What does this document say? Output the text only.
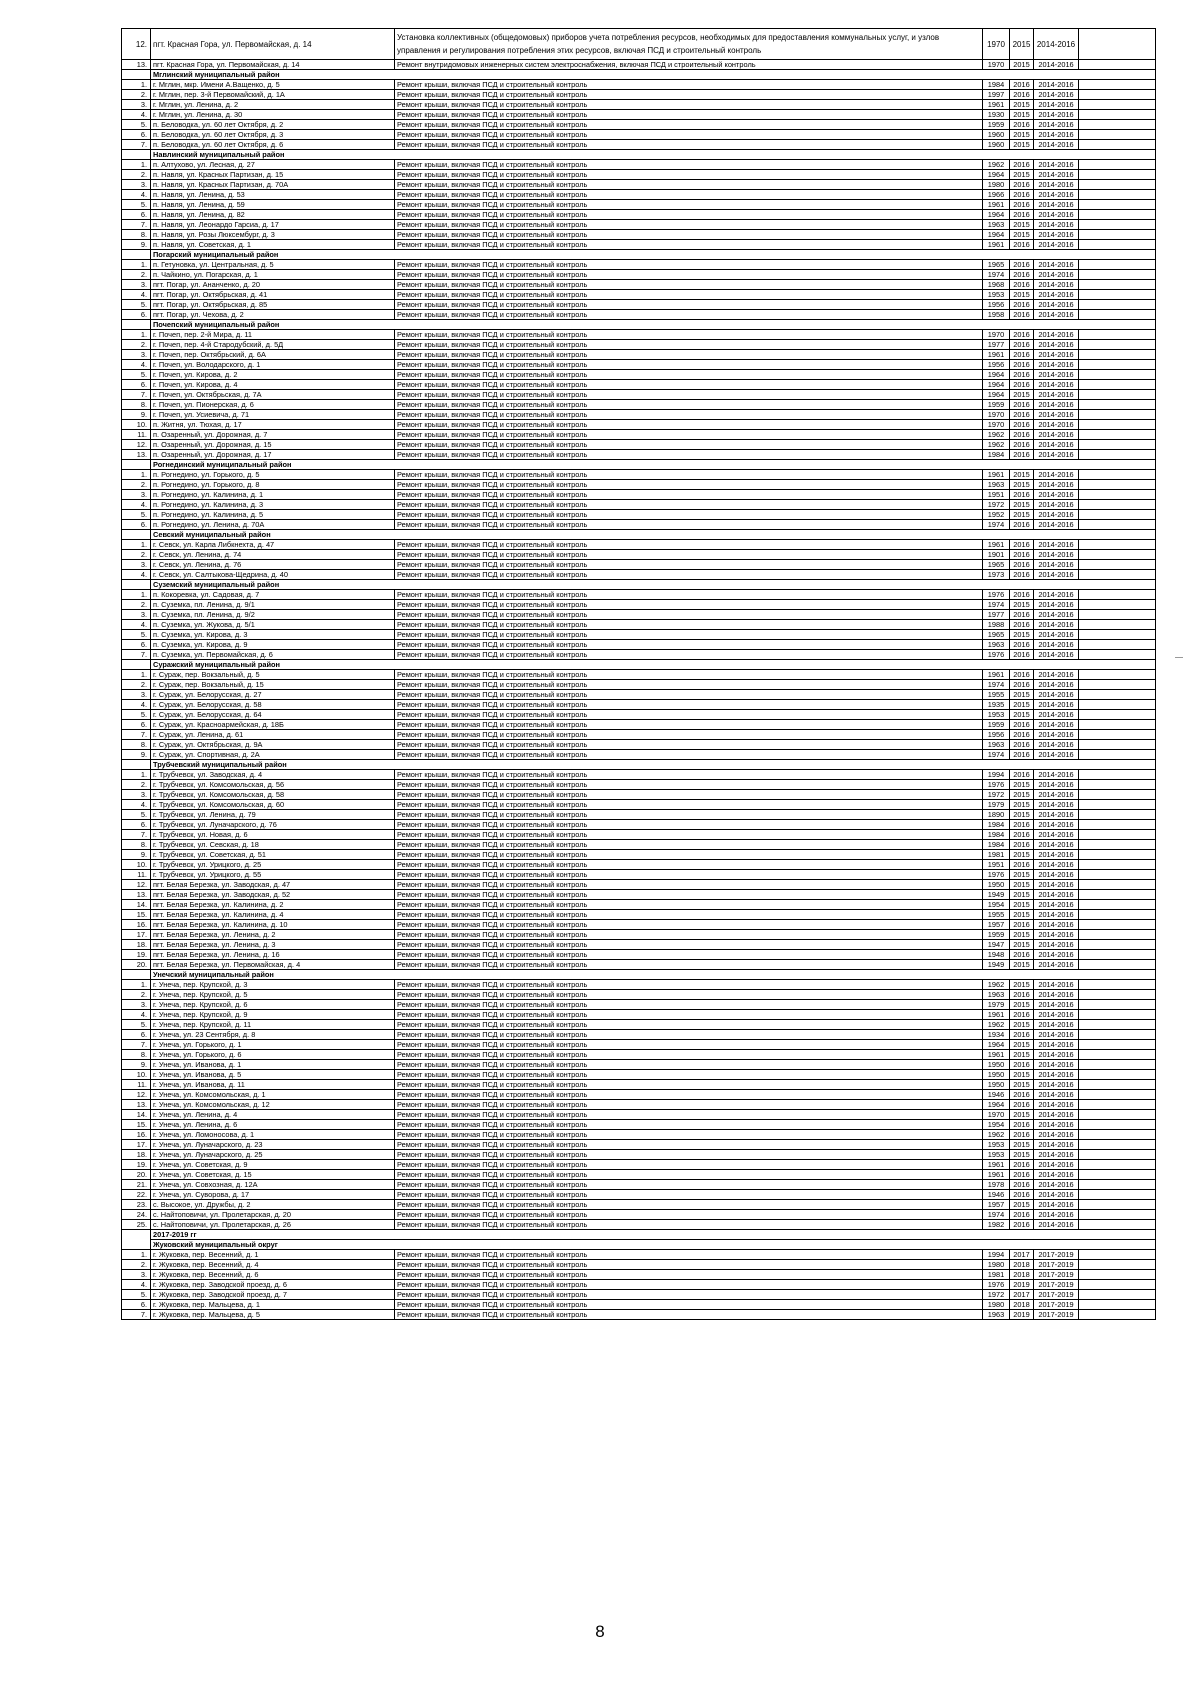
12.	пгт. Красная Гора, ул. Первомайская, д. 14	Установка коллективных (общедомовых) приборов учета потребления ресурсов, необходимых для предоставления коммунальных услуг, и узлов управления и регулирования потребления этих ресурсов, включая ПСД и строительный контроль	1970	2015	2014-2016	
13.	пгт. Красная Гора, ул. Первомайская, д. 14	Ремонт внутридомовых инженерных систем электроснабжения, включая ПСД и строительный контроль	1970	2015	2014-2016	
	Мглинский муниципальный район					
1.	г. Мглин, мкр. Имени А.Ващенко, д. 5	Ремонт крыши, включая ПСД и строительный контроль	1984	2016	2014-2016	
2.	г. Мглин, пер. 3-й Первомайский, д. 1А	Ремонт крыши, включая ПСД и строительный контроль	1997	2016	2014-2016	
3.	г. Мглин, ул. Ленина, д. 2	Ремонт крыши, включая ПСД и строительный контроль	1961	2015	2014-2016	
4.	г. Мглин, ул. Ленина, д. 30	Ремонт крыши, включая ПСД и строительный контроль	1930	2015	2014-2016	
5.	п. Беловодка, ул. 60 лет Октября, д. 2	Ремонт крыши, включая ПСД и строительный контроль	1959	2016	2014-2016	
6.	п. Беловодка, ул. 60 лет Октября, д. 3	Ремонт крыши, включая ПСД и строительный контроль	1960	2015	2014-2016	
7.	п. Беловодка, ул. 60 лет Октября, д. 6	Ремонт крыши, включая ПСД и строительный контроль	1960	2015	2014-2016	
	Навлинский муниципальный район					
1.	п. Алтухово, ул. Лесная, д. 27	Ремонт крыши, включая ПСД и строительный контроль	1962	2016	2014-2016	
2.	п. Навля, ул. Красных Партизан, д. 15	Ремонт крыши, включая ПСД и строительный контроль	1964	2015	2014-2016	
3.	п. Навля, ул. Красных Партизан, д. 70А	Ремонт крыши, включая ПСД и строительный контроль	1980	2016	2014-2016	
4.	п. Навля, ул. Ленина, д. 53	Ремонт крыши, включая ПСД и строительный контроль	1966	2016	2014-2016	
5.	п. Навля, ул. Ленина, д. 59	Ремонт крыши, включая ПСД и строительный контроль	1961	2016	2014-2016	
6.	п. Навля, ул. Ленина, д. 82	Ремонт крыши, включая ПСД и строительный контроль	1964	2016	2014-2016	
7.	п. Навля, ул. Леонардо Гарсиа, д. 17	Ремонт крыши, включая ПСД и строительный контроль	1963	2015	2014-2016	
8.	п. Навля, ул. Розы Люксембург, д. 3	Ремонт крыши, включая ПСД и строительный контроль	1964	2015	2014-2016	
9.	п. Навля, ул. Советская, д. 1	Ремонт крыши, включая ПСД и строительный контроль	1961	2016	2014-2016	
	Погарский муниципальный район					
1.	п. Гетуновка, ул. Центральная, д. 5	Ремонт крыши, включая ПСД и строительный контроль	1965	2016	2014-2016	
2.	п. Чайкино, ул. Погарская, д. 1	Ремонт крыши, включая ПСД и строительный контроль	1974	2016	2014-2016	
3.	пгт. Погар, ул. Ананченко, д. 20	Ремонт крыши, включая ПСД и строительный контроль	1968	2016	2014-2016	
4.	пгт. Погар, ул. Октябрьская, д. 41	Ремонт крыши, включая ПСД и строительный контроль	1953	2015	2014-2016	
5.	пгт. Погар, ул. Октябрьская, д. 85	Ремонт крыши, включая ПСД и строительный контроль	1956	2016	2014-2016	
6.	пгт. Погар, ул. Чехова, д. 2	Ремонт крыши, включая ПСД и строительный контроль	1958	2016	2014-2016	
	Почепский муниципальный район					
1.	г. Почеп, пер. 2-й Мира, д. 11	Ремонт крыши, включая ПСД и строительный контроль	1970	2016	2014-2016	
2.	г. Почеп, пер. 4-й Стародубский, д. 5Д	Ремонт крыши, включая ПСД и строительный контроль	1977	2016	2014-2016	
3.	г. Почеп, пер. Октябрьский, д. 6А	Ремонт крыши, включая ПСД и строительный контроль	1961	2016	2014-2016	
4.	г. Почеп, ул. Володарского, д. 1	Ремонт крыши, включая ПСД и строительный контроль	1956	2016	2014-2016	
5.	г. Почеп, ул. Кирова, д. 2	Ремонт крыши, включая ПСД и строительный контроль	1964	2016	2014-2016	
6.	г. Почеп, ул. Кирова, д. 4	Ремонт крыши, включая ПСД и строительный контроль	1964	2016	2014-2016	
7.	г. Почеп, ул. Октябрьская, д. 7А	Ремонт крыши, включая ПСД и строительный контроль	1964	2015	2014-2016	
8.	г. Почеп, ул. Пионерская, д. 6	Ремонт крыши, включая ПСД и строительный контроль	1959	2016	2014-2016	
9.	г. Почеп, ул. Усиевича, д. 71	Ремонт крыши, включая ПСД и строительный контроль	1970	2016	2014-2016	
10.	п. Житня, ул. Тюхая, д. 17	Ремонт крыши, включая ПСД и строительный контроль	1970	2016	2014-2016	
11.	п. Озаренный, ул. Дорожная, д. 7	Ремонт крыши, включая ПСД и строительный контроль	1962	2016	2014-2016	
12.	п. Озаренный, ул. Дорожная, д. 15	Ремонт крыши, включая ПСД и строительный контроль	1962	2016	2014-2016	
13.	п. Озаренный, ул. Дорожная, д. 17	Ремонт крыши, включая ПСД и строительный контроль	1984	2016	2014-2016	
	Рогнединский муниципальный район					
1.	п. Рогнедино, ул. Горького, д. 5	Ремонт крыши, включая ПСД и строительный контроль	1961	2015	2014-2016	
2.	п. Рогнедино, ул. Горького, д. 8	Ремонт крыши, включая ПСД и строительный контроль	1963	2015	2014-2016	
3.	п. Рогнедино, ул. Калинина, д. 1	Ремонт крыши, включая ПСД и строительный контроль	1951	2016	2014-2016	
4.	п. Рогнедино, ул. Калинина, д. 3	Ремонт крыши, включая ПСД и строительный контроль	1972	2015	2014-2016	
5.	п. Рогнедино, ул. Калинина, д. 5	Ремонт крыши, включая ПСД и строительный контроль	1952	2015	2014-2016	
6.	п. Рогнедино, ул. Ленина, д. 70А	Ремонт крыши, включая ПСД и строительный контроль	1974	2016	2014-2016	
	Севский муниципальный район					
1.	г. Севск, ул. Карла Либкнехта, д. 47	Ремонт крыши, включая ПСД и строительный контроль	1961	2016	2014-2016	
2.	г. Севск, ул. Ленина, д. 74	Ремонт крыши, включая ПСД и строительный контроль	1901	2016	2014-2016	
3.	г. Севск, ул. Ленина, д. 76	Ремонт крыши, включая ПСД и строительный контроль	1965	2016	2014-2016	
4.	г. Севск, ул. Салтыкова-Щедрина, д. 40	Ремонт крыши, включая ПСД и строительный контроль	1973	2016	2014-2016	
	Суземский муниципальный район					
1.	п. Кокоревка, ул. Садовая, д. 7	Ремонт крыши, включая ПСД и строительный контроль	1976	2016	2014-2016	
2.	п. Суземка, пл. Ленина, д. 9/1	Ремонт крыши, включая ПСД и строительный контроль	1974	2015	2014-2016	
3.	п. Суземка, пл. Ленина, д. 9/2	Ремонт крыши, включая ПСД и строительный контроль	1977	2016	2014-2016	
4.	п. Суземка, ул. Жукова, д. 5/1	Ремонт крыши, включая ПСД и строительный контроль	1988	2016	2014-2016	
5.	п. Суземка, ул. Кирова, д. 3	Ремонт крыши, включая ПСД и строительный контроль	1965	2015	2014-2016	
6.	п. Суземка, ул. Кирова, д. 9	Ремонт крыши, включая ПСД и строительный контроль	1963	2016	2014-2016	
7.	п. Суземка, ул. Первомайская, д. 6	Ремонт крыши, включая ПСД и строительный контроль	1976	2016	2014-2016	
	Суражский муниципальный район					
1.	г. Сураж, пер. Вокзальный, д. 5	Ремонт крыши, включая ПСД и строительный контроль	1961	2016	2014-2016	
2.	г. Сураж, пер. Вокзальный, д. 15	Ремонт крыши, включая ПСД и строительный контроль	1974	2016	2014-2016	
3.	г. Сураж, ул. Белорусская, д. 27	Ремонт крыши, включая ПСД и строительный контроль	1955	2015	2014-2016	
4.	г. Сураж, ул. Белорусская, д. 58	Ремонт крыши, включая ПСД и строительный контроль	1935	2015	2014-2016	
5.	г. Сураж, ул. Белорусская, д. 64	Ремонт крыши, включая ПСД и строительный контроль	1953	2015	2014-2016	
6.	г. Сураж, ул. Красноармейская, д. 18Б	Ремонт крыши, включая ПСД и строительный контроль	1959	2016	2014-2016	
7.	г. Сураж, ул. Ленина, д. 61	Ремонт крыши, включая ПСД и строительный контроль	1956	2016	2014-2016	
8.	г. Сураж, ул. Октябрьская, д. 9А	Ремонт крыши, включая ПСД и строительный контроль	1963	2016	2014-2016	
9.	г. Сураж, ул. Спортивная, д. 2А	Ремонт крыши, включая ПСД и строительный контроль	1974	2016	2014-2016	
	Трубчевский муниципальный район					
1.	г. Трубчевск, ул. Заводская, д. 4	Ремонт крыши, включая ПСД и строительный контроль	1994	2016	2014-2016	
2.	г. Трубчевск, ул. Комсомольская, д. 56	Ремонт крыши, включая ПСД и строительный контроль	1976	2015	2014-2016	
3.	г. Трубчевск, ул. Комсомольская, д. 58	Ремонт крыши, включая ПСД и строительный контроль	1972	2015	2014-2016	
4.	г. Трубчевск, ул. Комсомольская, д. 60	Ремонт крыши, включая ПСД и строительный контроль	1979	2015	2014-2016	
5.	г. Трубчевск, ул. Ленина, д. 79	Ремонт крыши, включая ПСД и строительный контроль	1890	2015	2014-2016	
6.	г. Трубчевск, ул. Луначарского, д. 76	Ремонт крыши, включая ПСД и строительный контроль	1984	2016	2014-2016	
7.	г. Трубчевск, ул. Новая, д. 6	Ремонт крыши, включая ПСД и строительный контроль	1984	2016	2014-2016	
8.	г. Трубчевск, ул. Севская, д. 18	Ремонт крыши, включая ПСД и строительный контроль	1984	2016	2014-2016	
9.	г. Трубчевск, ул. Советская, д. 51	Ремонт крыши, включая ПСД и строительный контроль	1981	2015	2014-2016	
10.	г. Трубчевск, ул. Урицкого, д. 25	Ремонт крыши, включая ПСД и строительный контроль	1951	2016	2014-2016	
11.	г. Трубчевск, ул. Урицкого, д. 55	Ремонт крыши, включая ПСД и строительный контроль	1976	2015	2014-2016	
12.	пгт. Белая Березка, ул. Заводская, д. 47	Ремонт крыши, включая ПСД и строительный контроль	1950	2015	2014-2016	
13.	пгт. Белая Березка, ул. Заводская, д. 52	Ремонт крыши, включая ПСД и строительный контроль	1949	2015	2014-2016	
14.	пгт. Белая Березка, ул. Калинина, д. 2	Ремонт крыши, включая ПСД и строительный контроль	1954	2015	2014-2016	
15.	пгт. Белая Березка, ул. Калинина, д. 4	Ремонт крыши, включая ПСД и строительный контроль	1955	2015	2014-2016	
16.	пгт. Белая Березка, ул. Калинина, д. 10	Ремонт крыши, включая ПСД и строительный контроль	1957	2016	2014-2016	
17.	пгт. Белая Березка, ул. Ленина, д. 2	Ремонт крыши, включая ПСД и строительный контроль	1959	2015	2014-2016	
18.	пгт. Белая Березка, ул. Ленина, д. 3	Ремонт крыши, включая ПСД и строительный контроль	1947	2015	2014-2016	
19.	пгт. Белая Березка, ул. Ленина, д. 16	Ремонт крыши, включая ПСД и строительный контроль	1948	2016	2014-2016	
20.	пгт. Белая Березка, ул. Первомайская, д. 4	Ремонт крыши, включая ПСД и строительный контроль	1949	2015	2014-2016	
	Унечский муниципальный район					
1.	г. Унеча, пер. Крупской, д. 3	Ремонт крыши, включая ПСД и строительный контроль	1962	2015	2014-2016	
2.	г. Унеча, пер. Крупской, д. 5	Ремонт крыши, включая ПСД и строительный контроль	1963	2016	2014-2016	
3.	г. Унеча, пер. Крупской, д. 6	Ремонт крыши, включая ПСД и строительный контроль	1979	2015	2014-2016	
4.	г. Унеча, пер. Крупской, д. 9	Ремонт крыши, включая ПСД и строительный контроль	1961	2016	2014-2016	
5.	г. Унеча, пер. Крупской, д. 11	Ремонт крыши, включая ПСД и строительный контроль	1962	2015	2014-2016	
6.	г. Унеча, ул. 23 Сентября, д. 8	Ремонт крыши, включая ПСД и строительный контроль	1934	2016	2014-2016	
7.	г. Унеча, ул. Горького, д. 1	Ремонт крыши, включая ПСД и строительный контроль	1964	2015	2014-2016	
8.	г. Унеча, ул. Горького, д. 6	Ремонт крыши, включая ПСД и строительный контроль	1961	2015	2014-2016	
9.	г. Унеча, ул. Иванова, д. 1	Ремонт крыши, включая ПСД и строительный контроль	1950	2016	2014-2016	
10.	г. Унеча, ул. Иванова, д. 5	Ремонт крыши, включая ПСД и строительный контроль	1950	2015	2014-2016	
11.	г. Унеча, ул. Иванова, д. 11	Ремонт крыши, включая ПСД и строительный контроль	1950	2015	2014-2016	
12.	г. Унеча, ул. Комсомольская, д. 1	Ремонт крыши, включая ПСД и строительный контроль	1946	2016	2014-2016	
13.	г. Унеча, ул. Комсомольская, д. 12	Ремонт крыши, включая ПСД и строительный контроль	1964	2016	2014-2016	
14.	г. Унеча, ул. Ленина, д. 4	Ремонт крыши, включая ПСД и строительный контроль	1970	2015	2014-2016	
15.	г. Унеча, ул. Ленина, д. 6	Ремонт крыши, включая ПСД и строительный контроль	1954	2016	2014-2016	
16.	г. Унеча, ул. Ломоносова, д. 1	Ремонт крыши, включая ПСД и строительный контроль	1962	2016	2014-2016	
17.	г. Унеча, ул. Луначарского, д. 23	Ремонт крыши, включая ПСД и строительный контроль	1953	2015	2014-2016	
18.	г. Унеча, ул. Луначарского, д. 25	Ремонт крыши, включая ПСД и строительный контроль	1953	2015	2014-2016	
19.	г. Унеча, ул. Советская, д. 9	Ремонт крыши, включая ПСД и строительный контроль	1961	2016	2014-2016	
20.	г. Унеча, ул. Советская, д. 15	Ремонт крыши, включая ПСД и строительный контроль	1961	2016	2014-2016	
21.	г. Унеча, ул. Совхозная, д. 12А	Ремонт крыши, включая ПСД и строительный контроль	1978	2016	2014-2016	
22.	г. Унеча, ул. Суворова, д. 17	Ремонт крыши, включая ПСД и строительный контроль	1946	2016	2014-2016	
23.	с. Высокое, ул. Дружбы, д. 2	Ремонт крыши, включая ПСД и строительный контроль	1957	2015	2014-2016	
24.	с. Найтоповичи, ул. Пролетарская, д. 20	Ремонт крыши, включая ПСД и строительный контроль	1974	2016	2014-2016	
25.	с. Найтоповичи, ул. Пролетарская, д. 26	Ремонт крыши, включая ПСД и строительный контроль	1982	2016	2014-2016	
	2017-2019 гг					
	Жуковский муниципальный округ					
1.	г. Жуковка, пер. Весенний, д. 1	Ремонт крыши, включая ПСД и строительный контроль	1994	2017	2017-2019	
2.	г. Жуковка, пер. Весенний, д. 4	Ремонт крыши, включая ПСД и строительный контроль	1980	2018	2017-2019	
3.	г. Жуковка, пер. Весенний, д. 6	Ремонт крыши, включая ПСД и строительный контроль	1981	2018	2017-2019	
4.	г. Жуковка, пер. Заводской проезд, д. 6	Ремонт крыши, включая ПСД и строительный контроль	1976	2019	2017-2019	
5.	г. Жуковка, пер. Заводской проезд, д. 7	Ремонт крыши, включая ПСД и строительный контроль	1972	2017	2017-2019	
6.	г. Жуковка, пер. Мальцева, д. 1	Ремонт крыши, включая ПСД и строительный контроль	1980	2018	2017-2019	
7.	г. Жуковка, пер. Мальцева, д. 5	Ремонт крыши, включая ПСД и строительный контроль	1963	2019	2017-2019	
8
